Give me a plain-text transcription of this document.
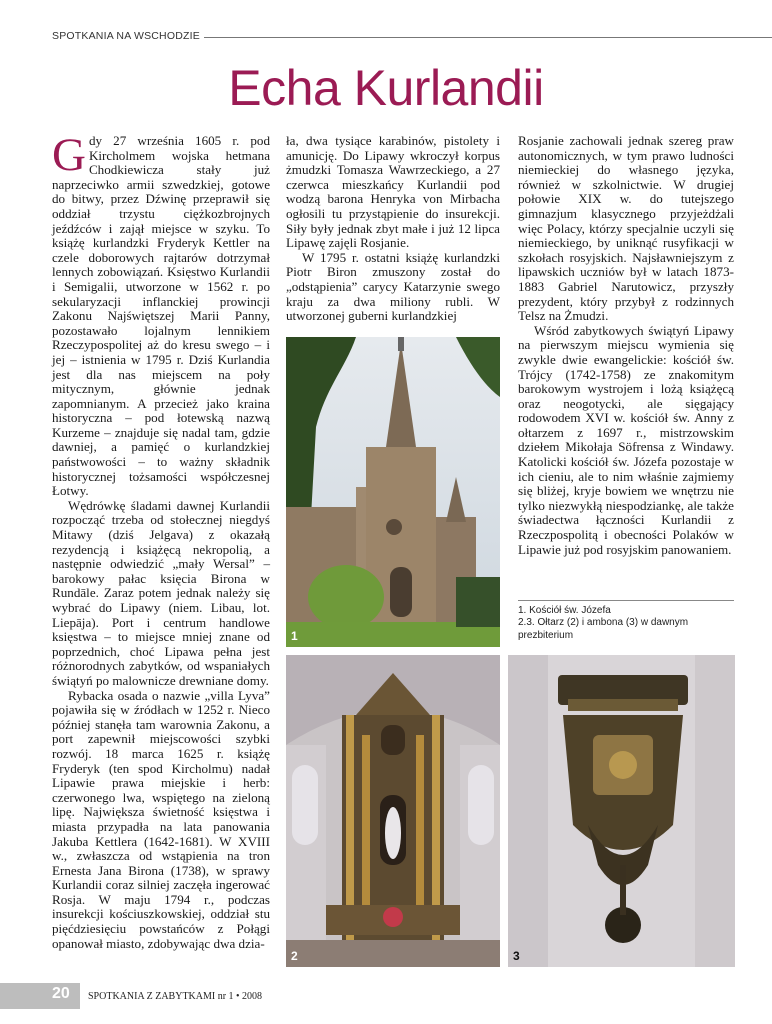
SPOTKANIA NA WSCHODZIE
Echa Kurlandii

Gdy 27 września 1605 r. pod Kircholmem wojska hetmana Chodkiewicza stały już naprzeciwko armii szwedzkiej, gotowe do bitwy, przez Dźwinę przeprawił się oddział trzystu ciężkozbrojnych jeźdźców i zajął miejsce w szyku. To książę kurlandzki Fryderyk Kettler na czele doborowych rajtarów dotrzymał lennych zobowiązań. Księstwo Kurlandii i Semigalii, utworzone w 1562 r. po sekularyzacji inflanckiej prowincji Zakonu Najświętszej Marii Panny, pozostawało lojalnym lennikiem Rzeczypospolitej aż do kresu swego – i jej – istnienia w 1795 r. Dziś Kurlandia jest dla nas miejscem na poły mitycznym, głównie jednak zapomnianym. A przecież jako kraina historyczna – pod łotewską nazwą Kurzeme – znajduje się nadal tam, gdzie dawniej, a pamięć o kurlandzkiej państwowości – to ważny składnik historycznej tożsamości współczesnej Łotwy.

Wędrówkę śladami dawnej Kurlandii rozpocząć trzeba od stołecznej niegdyś Mitawy (dziś Jelgava) z okazałą rezydencją i książęcą nekropolią, a następnie odwiedzić „mały Wersal” – barokowy pałac księcia Birona w Rundāle. Zaraz potem jednak należy się wybrać do Lipawy (niem. Libau, lot. Liepāja). Port i centrum handlowe księstwa – to miejsce mniej znane od poprzednich, choć Lipawa pełna jest różnorodnych zabytków, od wspaniałych świątyń po malownicze drewniane domy.

Rybacka osada o nazwie „villa Lyva” pojawiła się w źródłach w 1252 r. Nieco później stanęła tam warownia Zakonu, a port zapewnił miejscowości szybki rozwój. 18 marca 1625 r. książę Fryderyk (ten spod Kircholmu) nadał Lipawie prawa miejskie i herb: czerwonego lwa, wspiętego na zieloną lipę. Największa świetność księstwa i miasta przypadła na lata panowania Jakuba Kettlera (1642-1681). W XVIII w., zwłaszcza od wstąpienia na tron Ernesta Jana Birona (1738), w sprawy Kurlandii coraz silniej zaczęła ingerować Rosja. W maju 1794 r., podczas insurekcji kościuszkowskiej, oddział stu pięćdziesięciu powstańców z Połągi opanował miasto, zdobywając dwa dzia-

ła, dwa tysiące karabinów, pistolety i amunicję. Do Lipawy wkroczył korpus żmudzki Tomasza Wawrzeckiego, a 27 czerwca mieszkańcy Kurlandii pod wodzą barona Henryka von Mirbacha ogłosili tu przystąpienie do insurekcji. Siły były jednak zbyt małe i już 12 lipca Lipawę zajęli Rosjanie.

W 1795 r. ostatni książę kurlandzki Piotr Biron zmuszony został do „odstąpienia” carycy Katarzynie swego kraju za dwa miliony rubli. W utworzonej guberni kurlandzkiej

Rosjanie zachowali jednak szereg praw autonomicznych, w tym prawo ludności niemieckiej do własnego języka, również w szkolnictwie. W drugiej połowie XIX w. do tutejszego gimnazjum klasycznego przyjeżdżali więc Polacy, którzy specjalnie uczyli się niemieckiego, by uniknąć rusyfikacji w szkołach rosyjskich. Najsławniejszym z lipawskich uczniów był w latach 1873-1883 Gabriel Narutowicz, przyszły prezydent, który przybył z rodzinnych Telsz na Żmudzi.

Wśród zabytkowych świątyń Lipawy na pierwszym miejscu wymienia się zwykle dwie ewangelickie: kościół św. Trójcy (1742-1758) ze znakomitym barokowym wystrojem i lożą książęcą oraz neogotycki, ale sięgający rodowodem XVI w. kościół św. Anny z ołtarzem z 1697 r., mistrzowskim dziełem Mikołaja Söfrensa z Windawy. Katolicki kościół św. Józefa pozostaje w ich cieniu, ale to nim właśnie zajmiemy się bliżej, kryje bowiem we wnętrzu nie tylko niezwykłą niespodziankę, ale także świadectwa łączności Kurlandii z Rzeczpospolitą i obecności Polaków w Lipawie już pod rosyjskim panowaniem.

1
2	3
1. Kościół św. Józefa
2.3. Ołtarz (2) i ambona (3) w dawnym
prezbiterium
20 SPOTKANIA Z ZABYTKAMI nr 1 • 2008
